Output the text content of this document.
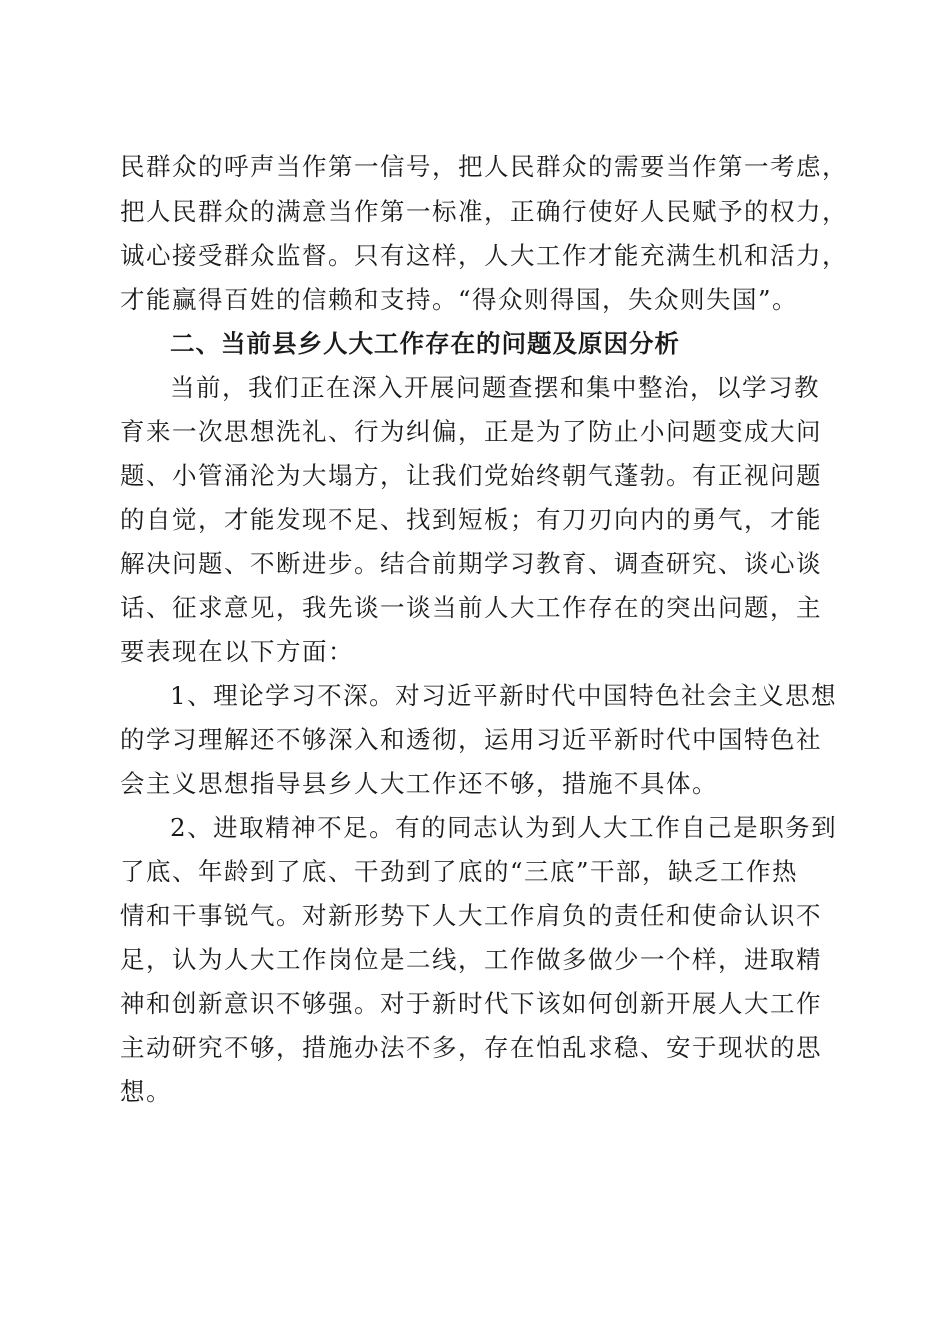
民群众的呼声当作第一信号，把人民群众的需要当作第一考虑，
把人民群众的满意当作第一标准，正确行使好人民赋予的权力，
诚心接受群众监督。只有这样，人大工作才能充满生机和活力，
才能赢得百姓的信赖和支持。“得众则得国，失众则失国”。
二、当前县乡人大工作存在的问题及原因分析
当前，我们正在深入开展问题查摆和集中整治，以学习教
育来一次思想洗礼、行为纠偏，正是为了防止小问题变成大问
题、小管涌沦为大塌方，让我们党始终朝气蓬勃。有正视问题
的自觉，才能发现不足、找到短板；有刀刃向内的勇气，才能
解决问题、不断进步。结合前期学习教育、调查研究、谈心谈
话、征求意见，我先谈一谈当前人大工作存在的突出问题，主
要表现在以下方面：
1、理论学习不深。对习近平新时代中国特色社会主义思想
的学习理解还不够深入和透彻，运用习近平新时代中国特色社
会主义思想指导县乡人大工作还不够，措施不具体。
2、进取精神不足。有的同志认为到人大工作自己是职务到
了底、年龄到了底、干劲到了底的“三底”干部，缺乏工作热
情和干事锐气。对新形势下人大工作肩负的责任和使命认识不
足，认为人大工作岗位是二线，工作做多做少一个样，进取精
神和创新意识不够强。对于新时代下该如何创新开展人大工作
主动研究不够，措施办法不多，存在怕乱求稳、安于现状的思
想。
